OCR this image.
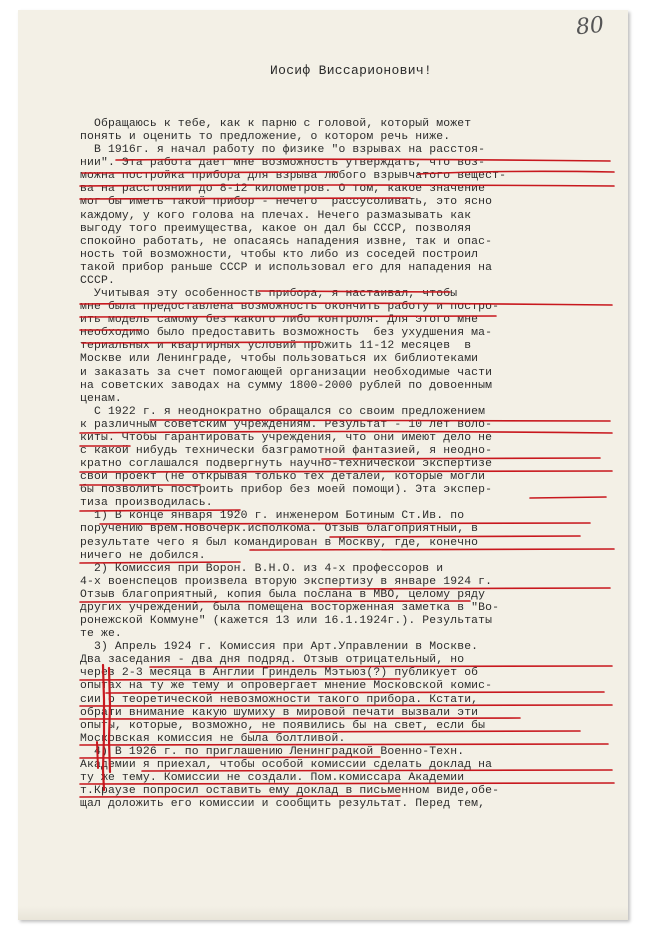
80
Иосиф Виссарионович!
Обращаюсь к тебе, как к парню с головой, который может
понять и оценить то предложение, о котором речь ниже.
В 1916г. я начал работу по физике "о взрывах на расстоя-
нии". Эта работа дает мне возможность утверждать, что воз-
можна постройка прибора для взрыва любого взрывчатого вещест-
ва на расстоянии до 8-12 километров. О том, какое значение
мог бы иметь такой прибор - нечего  рассусоливать, это ясно
каждому, у кого голова на плечах. Нечего размазывать как
выгоду того преимущества, какое он дал бы СССР, позволяя
спокойно работать, не опасаясь нападения извне, так и опас-
ность той возможности, чтобы кто либо из соседей построил
такой прибор раньше СССР и использовал его для нападения на
СССР.
Учитывая эту особенность прибора, я настаивал, чтобы
мне была предоставлена возможность окончить работу и постро-
ить модель самому без какого либо контроля. Для этого мне
необходимо было предоставить возможность  без ухудшения ма-
териальных и квартирных условий прожить 11-12 месяцев  в
Москве или Ленинграде, чтобы пользоваться их библиотеками
и заказать за счет помогающей организации необходимые части
на советских заводах на сумму 1800-2000 рублей по довоенным
ценам.
С 1922 г. я неоднократно обращался со своим предложением
к различным советским учреждениям. Результат - 10 лет воло-
киты. Чтобы гарантировать учреждения, что они имеют дело не
с какой нибудь технически базграмотной фантазией, я неодно-
кратно соглашался подвергнуть научно-технической экспертизе
свой проект (не открывая только тех деталей, которые могли
бы позволить построить прибор без моей помощи). Эта экспер-
тиза производилась.
1) В конце января 1920 г. инженером Ботиным Ст.Ив. по
поручению врем.Новочерк.исполкома. Отзыв благоприятный, в
результате чего я был командирован в Москву, где, конечно
ничего не добился.
2) Комиссия при Ворон. В.Н.О. из 4-х профессоров и
4-х военспецов произвела вторую экспертизу в январе 1924 г.
Отзыв благоприятный, копия была послана в МВО, целому ряду
других учреждений, была помещена восторженная заметка в "Во-
ронежской Коммуне" (кажется 13 или 16.1.1924г.). Результаты
те же.
3) Апрель 1924 г. Комиссия при Арт.Управлении в Москве.
Два заседания - два дня подряд. Отзыв отрицательный, но
через 2-3 месяца в Англии Гриндель Мэтьюз(?) публикует об
опытах на ту же тему и опровергает мнение Московской комис-
сии о теоретической невозможности такого прибора. Кстати,
обрати внимание какую шумиху в мировой печати вызвали эти
опыты, которые, возможно, не появились бы на свет, если бы
Московская комиссия не была болтливой.
4) В 1926 г. по приглашению Ленинградкой Военно-Техн.
Академии я приехал, чтобы особой комиссии сделать доклад на
ту же тему. Комиссии не создали. Пом.комиссара Академии
т.Краузе попросил оставить ему доклад в письменном виде,обе-
щал доложить его комиссии и сообщить результат. Перед тем,
